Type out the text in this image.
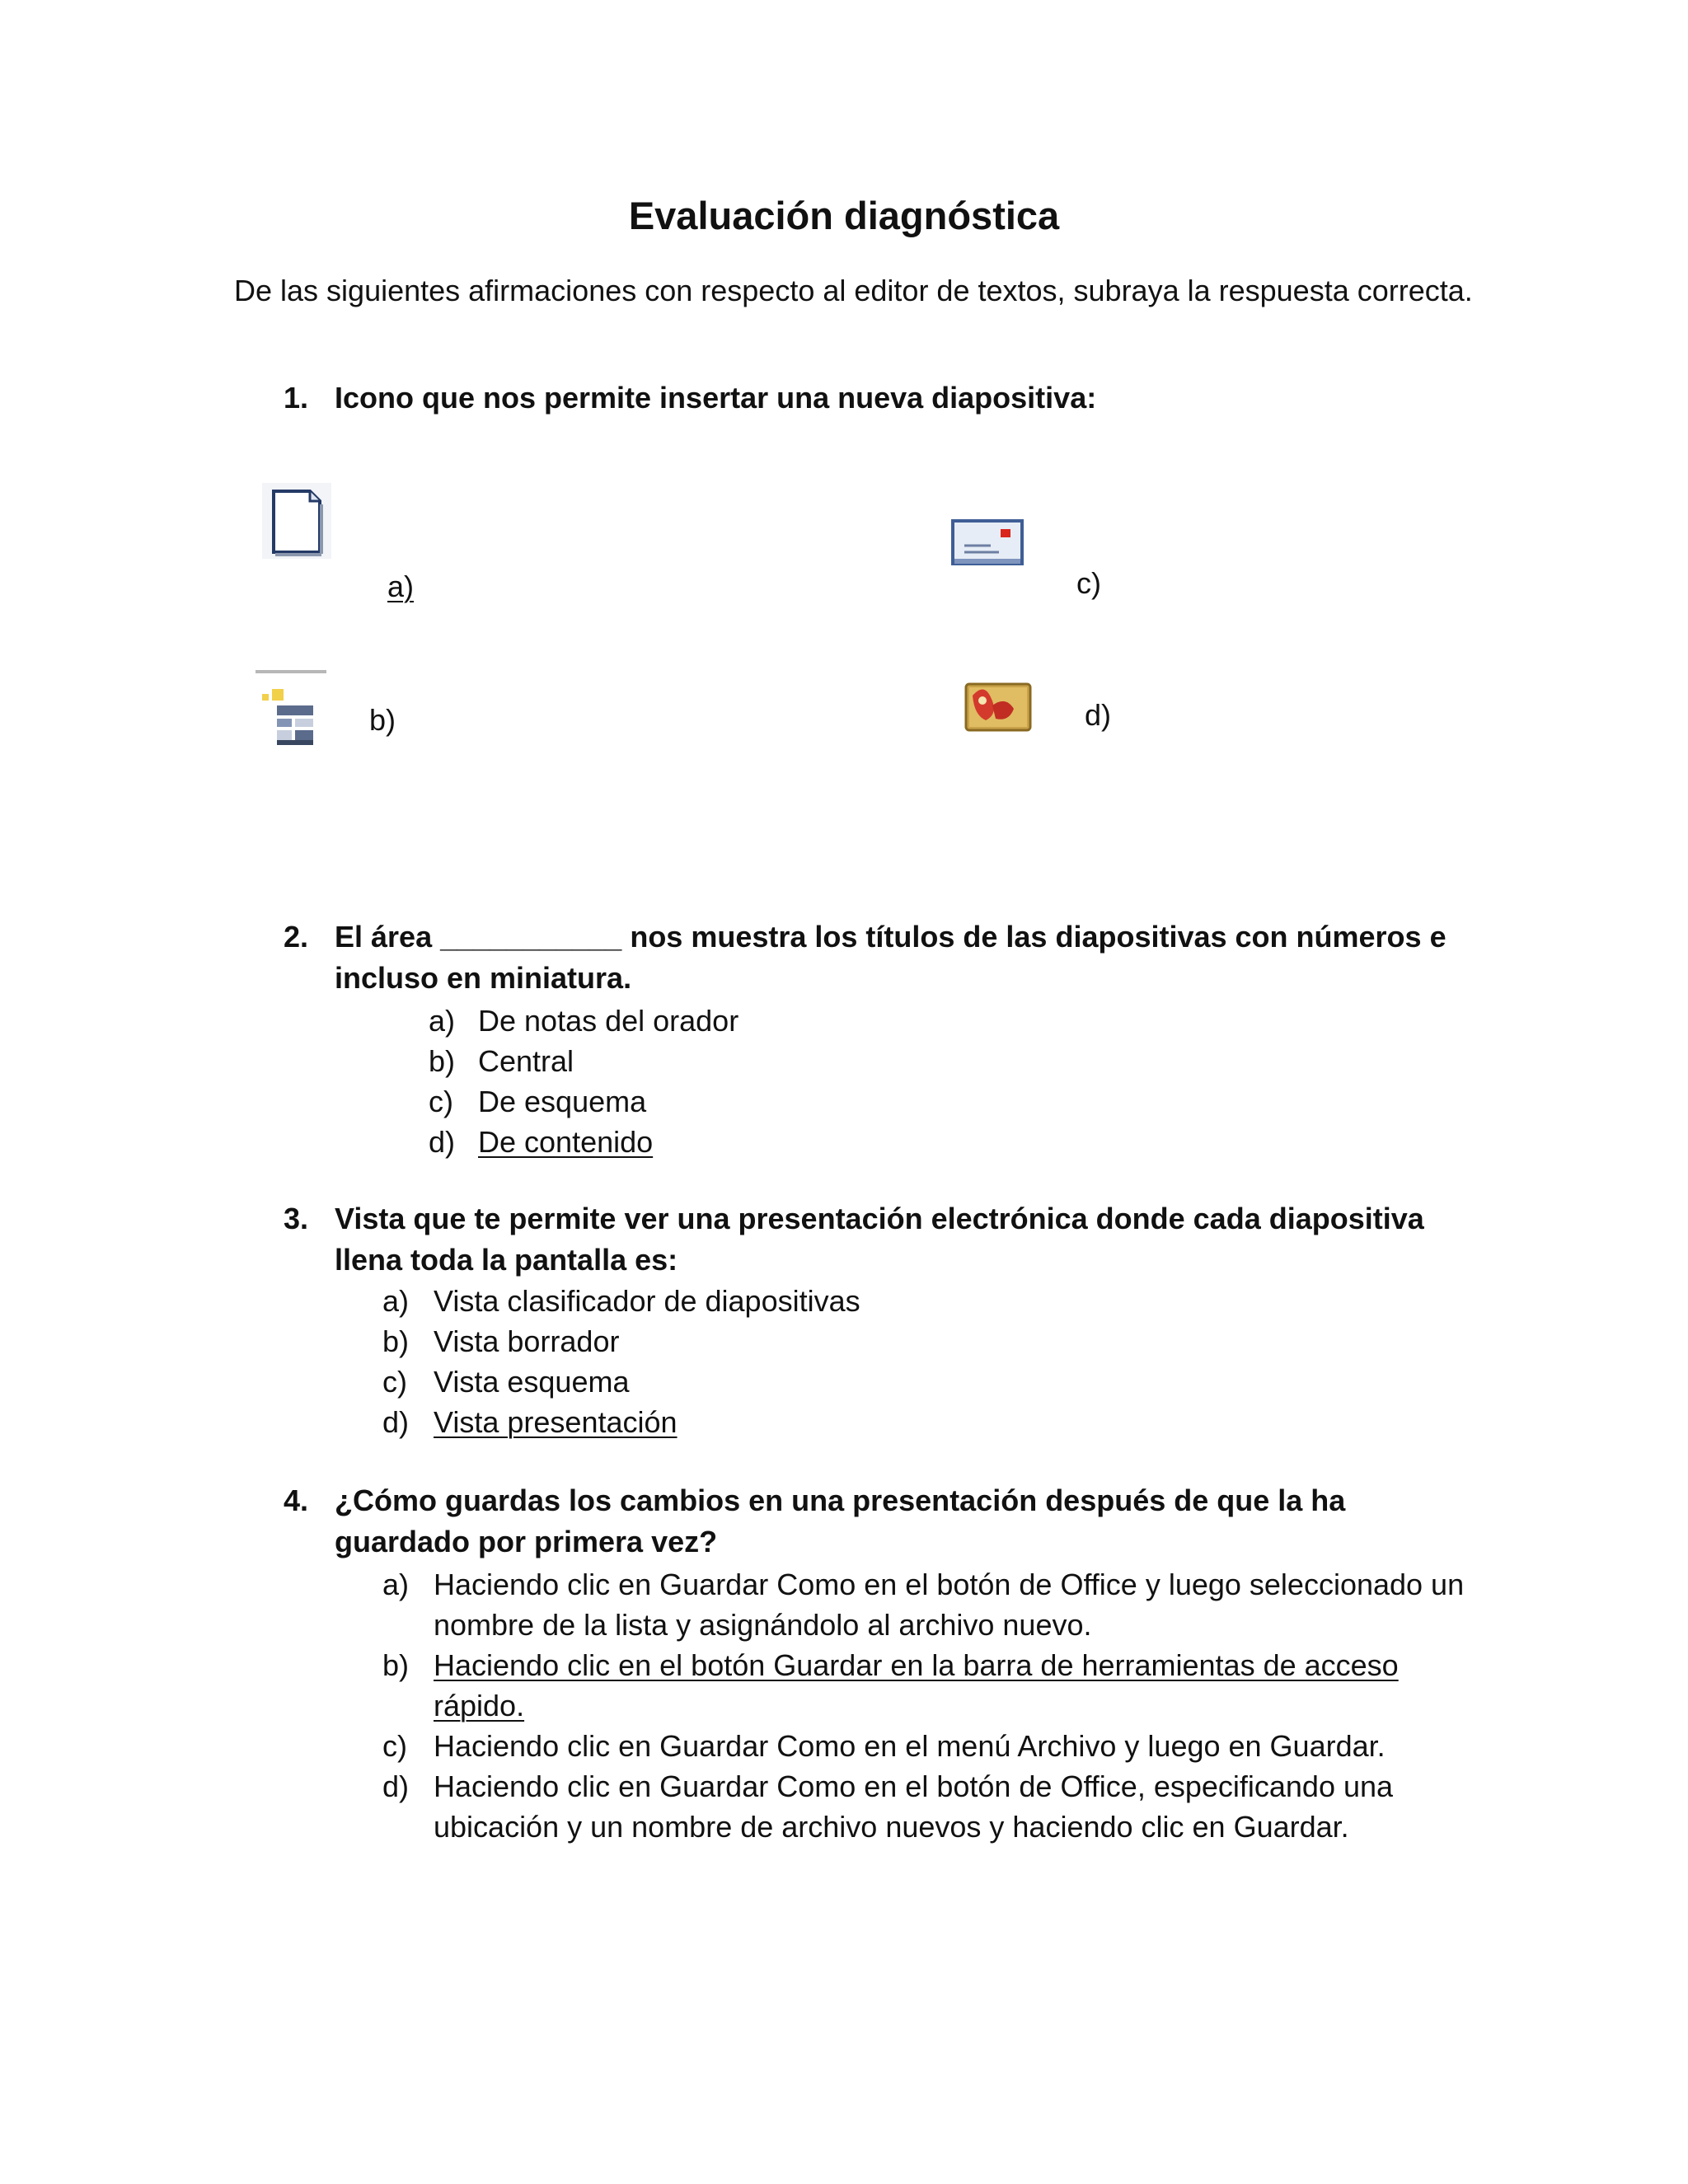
Evaluación diagnóstica
De las siguientes afirmaciones con respecto al editor de textos, subraya la respuesta correcta.
1. Icono que nos permite insertar una nueva diapositiva:
a)
b)
c)
d)
2. El área ___________ nos muestra los títulos de las diapositivas con números e incluso en miniatura.
a) De notas del orador
b) Central
c) De esquema
d) De contenido
3. Vista que te permite ver una presentación electrónica donde cada diapositiva llena toda la pantalla es:
a) Vista clasificador de diapositivas
b) Vista borrador
c) Vista esquema
d) Vista presentación
4. ¿Cómo guardas los cambios en una presentación después de que la ha guardado por primera vez?
a) Haciendo clic en Guardar Como en el botón de Office y luego seleccionado un nombre de la lista y asignándolo al archivo nuevo.
b) Haciendo clic en el botón Guardar en la barra de herramientas de acceso rápido.
c) Haciendo clic en Guardar Como en el menú Archivo y luego en Guardar.
d) Haciendo clic en Guardar Como en el botón de Office, especificando una ubicación y un nombre de archivo nuevos y haciendo clic en Guardar.
